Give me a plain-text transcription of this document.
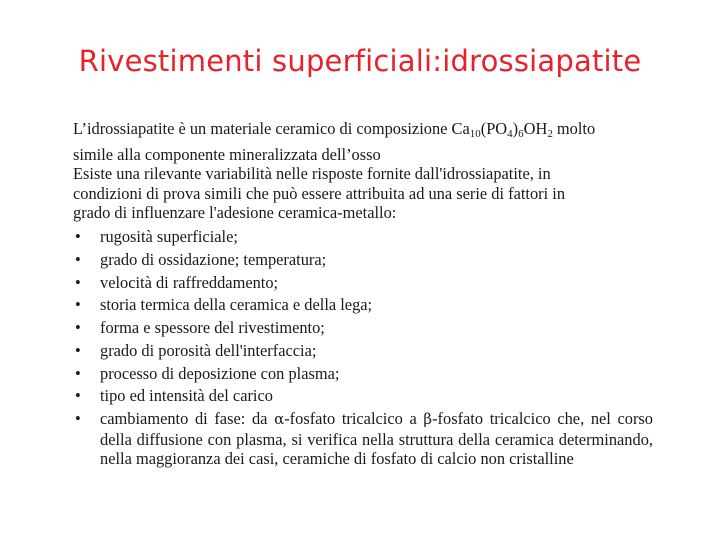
Rivestimenti superficiali:idrossiapatite
L’idrossiapatite è un materiale ceramico di composizione $Ca_{10}(PO_4)_6OH_2$ molto
simile alla componente mineralizzata dell’osso
Esiste una rilevante variabilità nelle risposte fornite dall'idrossiapatite, in
condizioni di prova simili che può essere attribuita ad una serie di fattori in
grado di influenzare l'adesione ceramica-metallo:
• rugosità superficiale;
• grado di ossidazione; temperatura;
• velocità di raffreddamento;
• storia termica della ceramica e della lega;
• forma e spessore del rivestimento;
• grado di porosità dell'interfaccia;
• processo di deposizione con plasma;
• tipo ed intensità del carico
• cambiamento di fase: da α-fosfato tricalcico a β-fosfato tricalcico che, nel corso della diffusione con plasma, si verifica nella struttura della ceramica determinando, nella maggioranza dei casi, ceramiche di fosfato di calcio non cristalline
